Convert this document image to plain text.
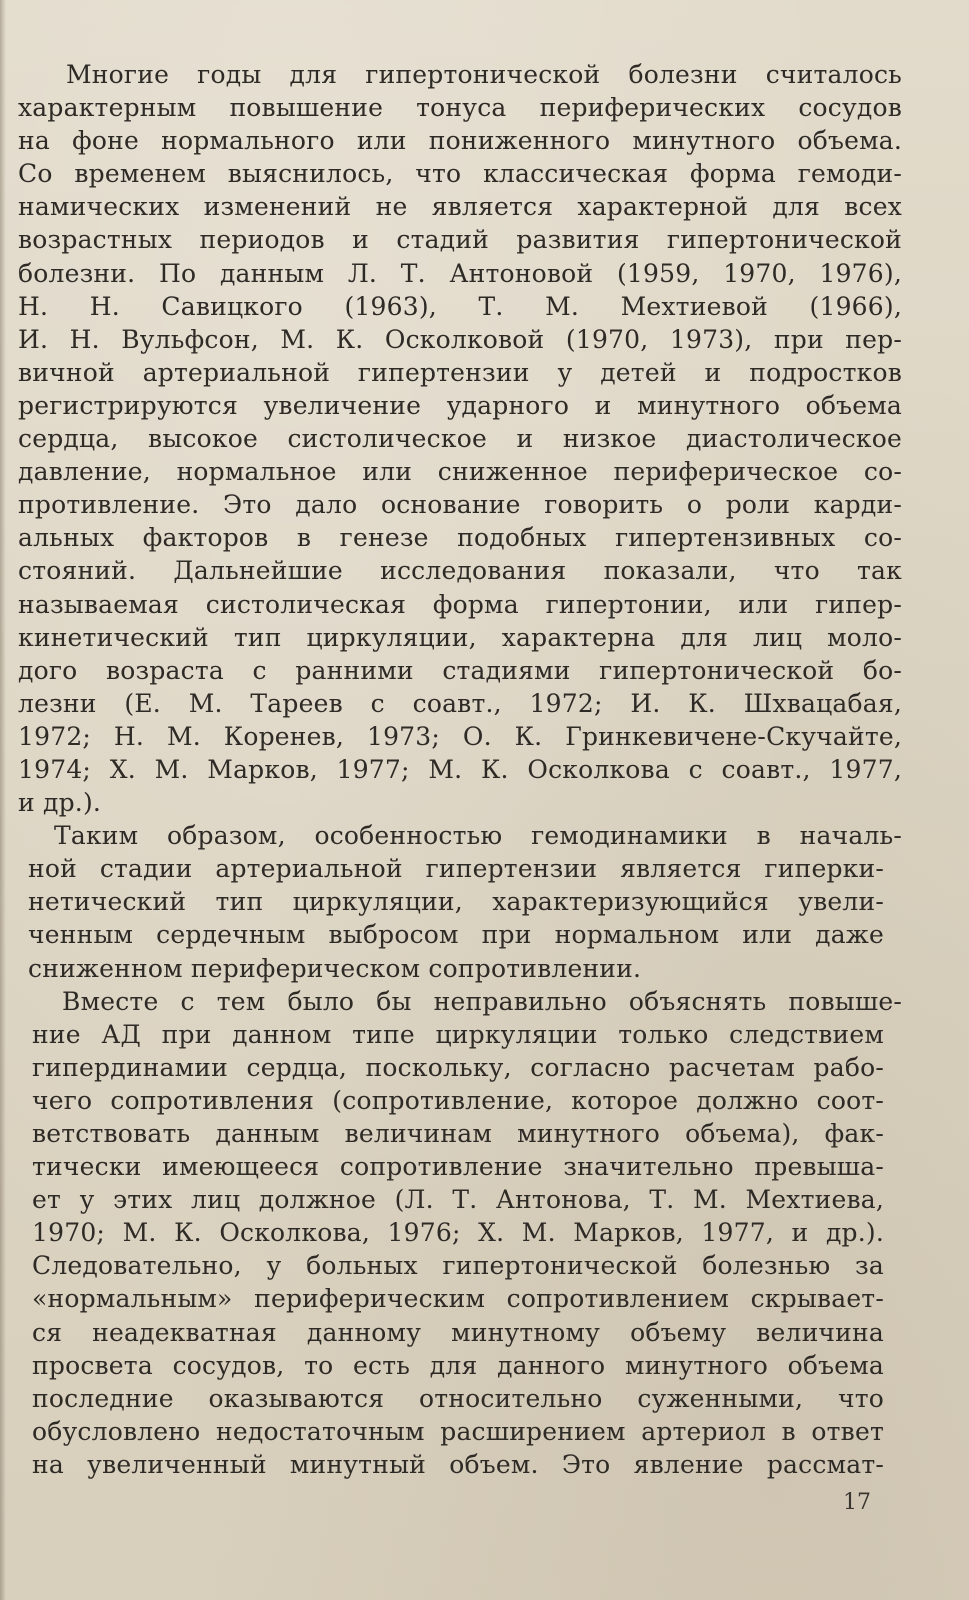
Многие годы для гипертонической болезни считалось
характерным повышение тонуса периферических сосудов
на фоне нормального или пониженного минутного объема.
Со временем выяснилось, что классическая форма гемоди-
намических изменений не является характерной для всех
возрастных периодов и стадий развития гипертонической
болезни. По данным Л. Т. Антоновой (1959, 1970, 1976),
Н. Н. Савицкого (1963), Т. М. Мехтиевой (1966),
И. Н. Вульфсон, М. К. Осколковой (1970, 1973), при пер-
вичной артериальной гипертензии у детей и подростков
регистрируются увеличение ударного и минутного объема
сердца, высокое систолическое и низкое диастолическое
давление, нормальное или сниженное периферическое со-
противление. Это дало основание говорить о роли карди-
альных факторов в генезе подобных гипертензивных со-
стояний. Дальнейшие исследования показали, что так
называемая систолическая форма гипертонии, или гипер-
кинетический тип циркуляции, характерна для лиц моло-
дого возраста с ранними стадиями гипертонической бо-
лезни (Е. М. Тареев с соавт., 1972; И. К. Шхвацабая,
1972; Н. М. Коренев, 1973; О. К. Гринкевичене-Скучайте,
1974; Х. М. Марков, 1977; М. К. Осколкова с соавт., 1977,
и др.).
Таким образом, особенностью гемодинамики в началь-
ной стадии артериальной гипертензии является гиперки-
нетический тип циркуляции, характеризующийся увели-
ченным сердечным выбросом при нормальном или даже
сниженном периферическом сопротивлении.
Вместе с тем было бы неправильно объяснять повыше-
ние АД при данном типе циркуляции только следствием
гипердинамии сердца, поскольку, согласно расчетам рабо-
чего сопротивления (сопротивление, которое должно соот-
ветствовать данным величинам минутного объема), фак-
тически имеющееся сопротивление значительно превыша-
ет у этих лиц должное (Л. Т. Антонова, Т. М. Мехтиева,
1970; М. К. Осколкова, 1976; Х. М. Марков, 1977, и др.).
Следовательно, у больных гипертонической болезнью за
«нормальным» периферическим сопротивлением скрывает-
ся неадекватная данному минутному объему величина
просвета сосудов, то есть для данного минутного объема
последние оказываются относительно суженными, что
обусловлено недостаточным расширением артериол в ответ
на увеличенный минутный объем. Это явление рассмат-
17
